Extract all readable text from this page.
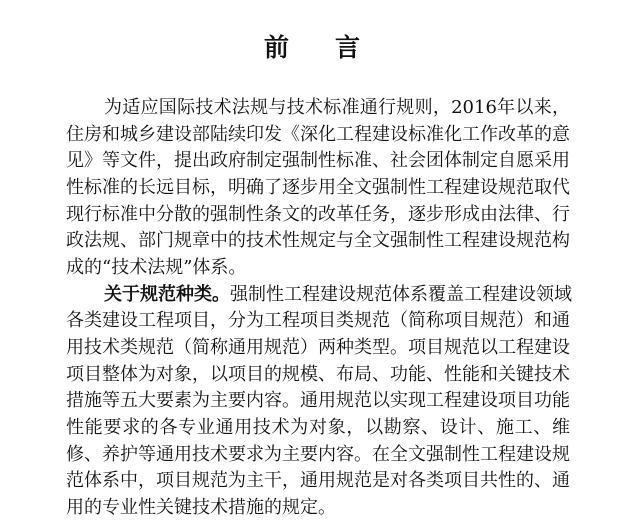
前言
为适应国际技术法规与技术标准通行规则，2016年以来，
住房和城乡建设部陆续印发《深化工程建设标准化工作改革的意
见》等文件，提出政府制定强制性标准、社会团体制定自愿采用
性标准的长远目标，明确了逐步用全文强制性工程建设规范取代
现行标准中分散的强制性条文的改革任务，逐步形成由法律、行
政法规、部门规章中的技术性规定与全文强制性工程建设规范构
成的“技术法规”体系。
关于规范种类。强制性工程建设规范体系覆盖工程建设领域
各类建设工程项目，分为工程项目类规范（简称项目规范）和通
用技术类规范（简称通用规范）两种类型。项目规范以工程建设
项目整体为对象，以项目的规模、布局、功能、性能和关键技术
措施等五大要素为主要内容。通用规范以实现工程建设项目功能
性能要求的各专业通用技术为对象，以勘察、设计、施工、维
修、养护等通用技术要求为主要内容。在全文强制性工程建设规
范体系中，项目规范为主干，通用规范是对各类项目共性的、通
用的专业性关键技术措施的规定。
